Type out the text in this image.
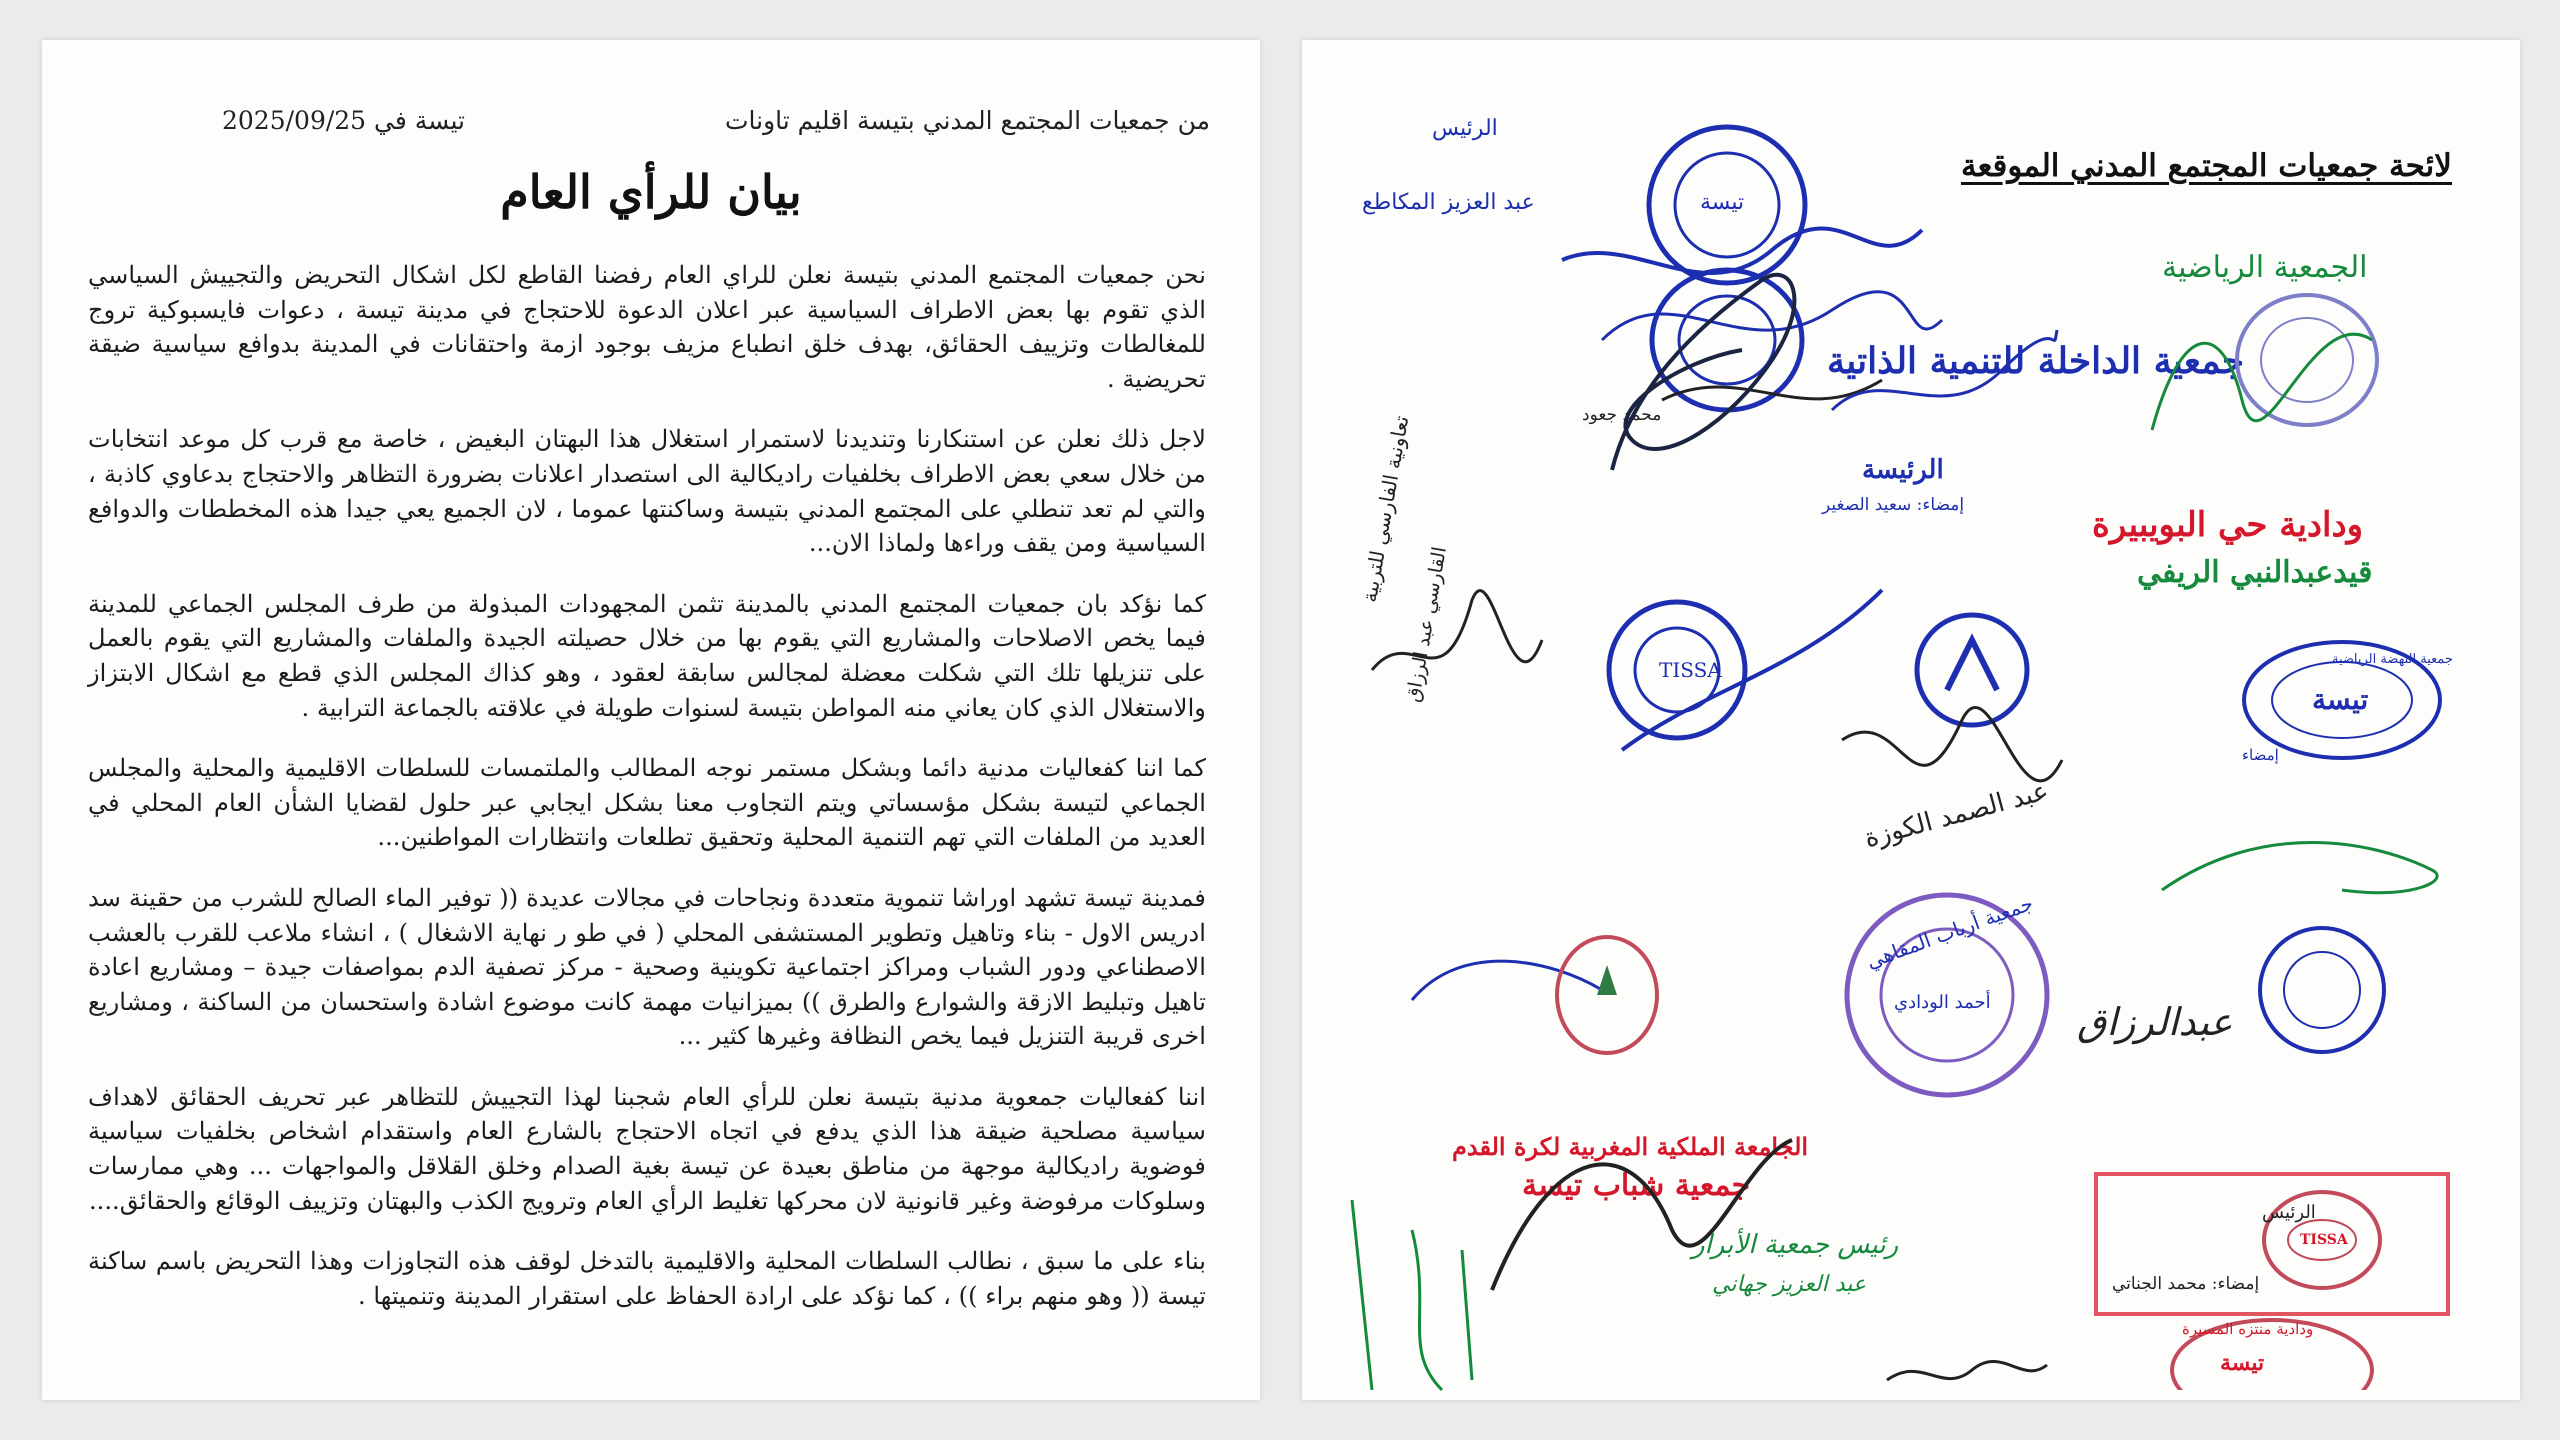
من جمعيات المجتمع المدني بتيسة اقليم تاونات
تيسة في 2025/09/25
بيان للرأي العام

نحن جمعيات المجتمع المدني بتيسة نعلن للراي العام رفضنا القاطع لكل اشكال التحريض والتجييش السياسي الذي تقوم بها بعض الاطراف السياسية عبر اعلان الدعوة للاحتجاج في مدينة تيسة ، دعوات فايسبوكية تروج للمغالطات وتزييف الحقائق، بهدف خلق انطباع مزيف بوجود ازمة واحتقانات في المدينة بدوافع سياسية ضيقة تحريضية .

لاجل ذلك نعلن عن استنكارنا وتنديدنا لاستمرار استغلال هذا البهتان البغيض ، خاصة مع قرب كل موعد انتخابات من خلال سعي بعض الاطراف بخلفيات راديكالية الى استصدار اعلانات بضرورة التظاهر والاحتجاج بدعاوي كاذبة ، والتي لم تعد تنطلي على المجتمع المدني بتيسة وساكنتها عموما ، لان الجميع يعي جيدا هذه المخططات والدوافع السياسية ومن يقف وراءها ولماذا الان...

كما نؤكد بان جمعيات المجتمع المدني بالمدينة تثمن المجهودات المبذولة من طرف المجلس الجماعي للمدينة فيما يخص الاصلاحات والمشاريع التي يقوم بها من خلال حصيلته الجيدة والملفات والمشاريع التي يقوم بالعمل على تنزيلها تلك التي شكلت معضلة لمجالس سابقة لعقود ، وهو كذاك المجلس الذي قطع مع اشكال الابتزاز والاستغلال الذي كان يعاني منه المواطن بتيسة لسنوات طويلة في علاقته بالجماعة الترابية .

كما اننا كفعاليات مدنية دائما وبشكل مستمر نوجه المطالب والملتمسات للسلطات الاقليمية والمحلية والمجلس الجماعي لتيسة بشكل مؤسساتي ويتم التجاوب معنا بشكل ايجابي عبر حلول لقضايا الشأن العام المحلي في العديد من الملفات التي تهم التنمية المحلية وتحقيق تطلعات وانتظارات المواطنين...

فمدينة تيسة تشهد اوراشا تنموية متعددة ونجاحات في مجالات عديدة (( توفير الماء الصالح للشرب من حقينة سد ادريس الاول - بناء وتاهيل وتطوير المستشفى المحلي ( في طو ر نهاية الاشغال ) ، انشاء ملاعب للقرب بالعشب الاصطناعي ودور الشباب ومراكز اجتماعية تكوينية وصحية - مركز تصفية الدم بمواصفات جيدة – ومشاريع اعادة تاهيل وتبليط الازقة والشوارع والطرق )) بميزانيات مهمة كانت موضوع اشادة واستحسان من الساكنة ، ومشاريع اخرى قريبة التنزيل فيما يخص النظافة وغيرها كثير ...

اننا كفعاليات جمعوية مدنية بتيسة نعلن للرأي العام شجبنا لهذا التجييش للتظاهر عبر تحريف الحقائق لاهداف سياسية مصلحية ضيقة هذا الذي يدفع في اتجاه الاحتجاج بالشارع العام واستقدام اشخاص بخلفيات سياسية فوضوية راديكالية موجهة من مناطق بعيدة عن تيسة بغية الصدام وخلق القلاقل والمواجهات ... وهي ممارسات وسلوكات مرفوضة وغير قانونية لان محركها تغليط الرأي العام وترويج الكذب والبهتان وتزييف الوقائع والحقائق....

بناء على ما سبق ، نطالب السلطات المحلية والاقليمية بالتدخل لوقف هذه التجاوزات وهذا التحريض باسم ساكنة تيسة (( وهو منهم براء )) ، كما نؤكد على ارادة الحفاظ على استقرار المدينة وتنميتها .

لائحة جمعيات المجتمع المدني الموقعة
الرئيس
عبد العزيز المكاطع	تيسة
محمد جعود
جمعية الداخلة للتنمية الذاتية
الرئيسة
إمضاء: سعيد الصغير
الجمعية الرياضية
ودادية حي البويبيرة
قيدعبدالنبي الريفي
تعاونية الفارسي للتربية
القارسي عبد الرزاق	TISSA	جمعية النهضة الرياضية
تيسة
إمضاء
عبد الصمد الكوزة
جمعية أرباب المقاهي
أحمد الودادي عبدالرزاق
الجامعة الملكية المغربية لكرة القدم
جمعية شباب تيسة
رئيس جمعية الأبرار
عبد العزيز جهاني
الرئيس
TISSA
إمضاء: محمد الجناتي
تيسة
ودادية منتزه المسيرة
